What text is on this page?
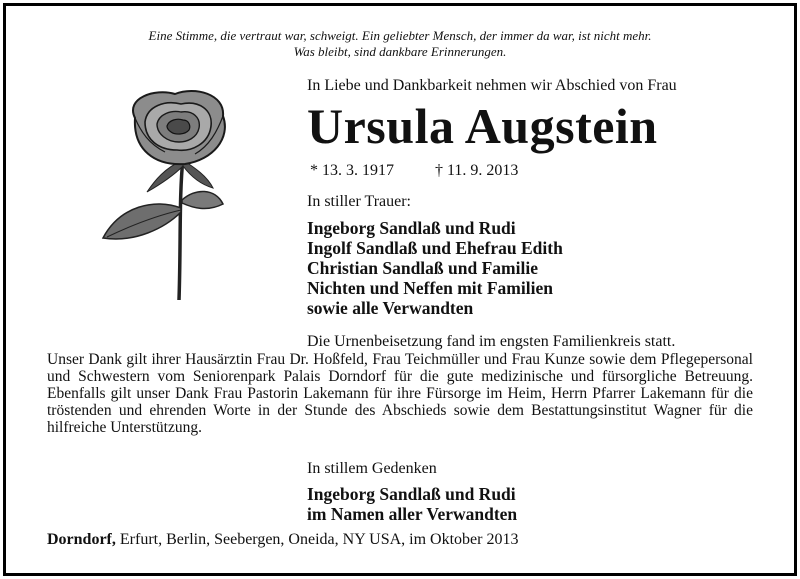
Eine Stimme, die vertraut war, schweigt. Ein geliebter Mensch, der immer da war, ist nicht mehr.
Was bleibt, sind dankbare Erinnerungen.
In Liebe und Dankbarkeit nehmen wir Abschied von Frau
Ursula Augstein
* 13. 3. 1917	† 11. 9. 2013
In stiller Trauer:
Ingeborg Sandlaß und Rudi
Ingolf Sandlaß und Ehefrau Edith
Christian Sandlaß und Familie
Nichten und Neffen mit Familien
sowie alle Verwandten
Die Urnenbeisetzung fand im engsten Familienkreis statt.
Unser Dank gilt ihrer Hausärztin Frau Dr. Hoßfeld, Frau Teichmüller und Frau Kunze sowie dem Pflegepersonal und Schwestern vom Seniorenpark Palais Dorndorf für die gute medizinische und fürsorgliche Betreuung. Ebenfalls gilt unser Dank Frau Pastorin Lakemann für ihre Fürsorge im Heim, Herrn Pfarrer Lakemann für die tröstenden und ehrenden Worte in der Stunde des Abschieds sowie dem Bestattungsinstitut Wagner für die hilfreiche Unterstützung.
In stillem Gedenken
Ingeborg Sandlaß und Rudi
im Namen aller Verwandten
Dorndorf, Erfurt, Berlin, Seebergen, Oneida, NY USA, im Oktober 2013
